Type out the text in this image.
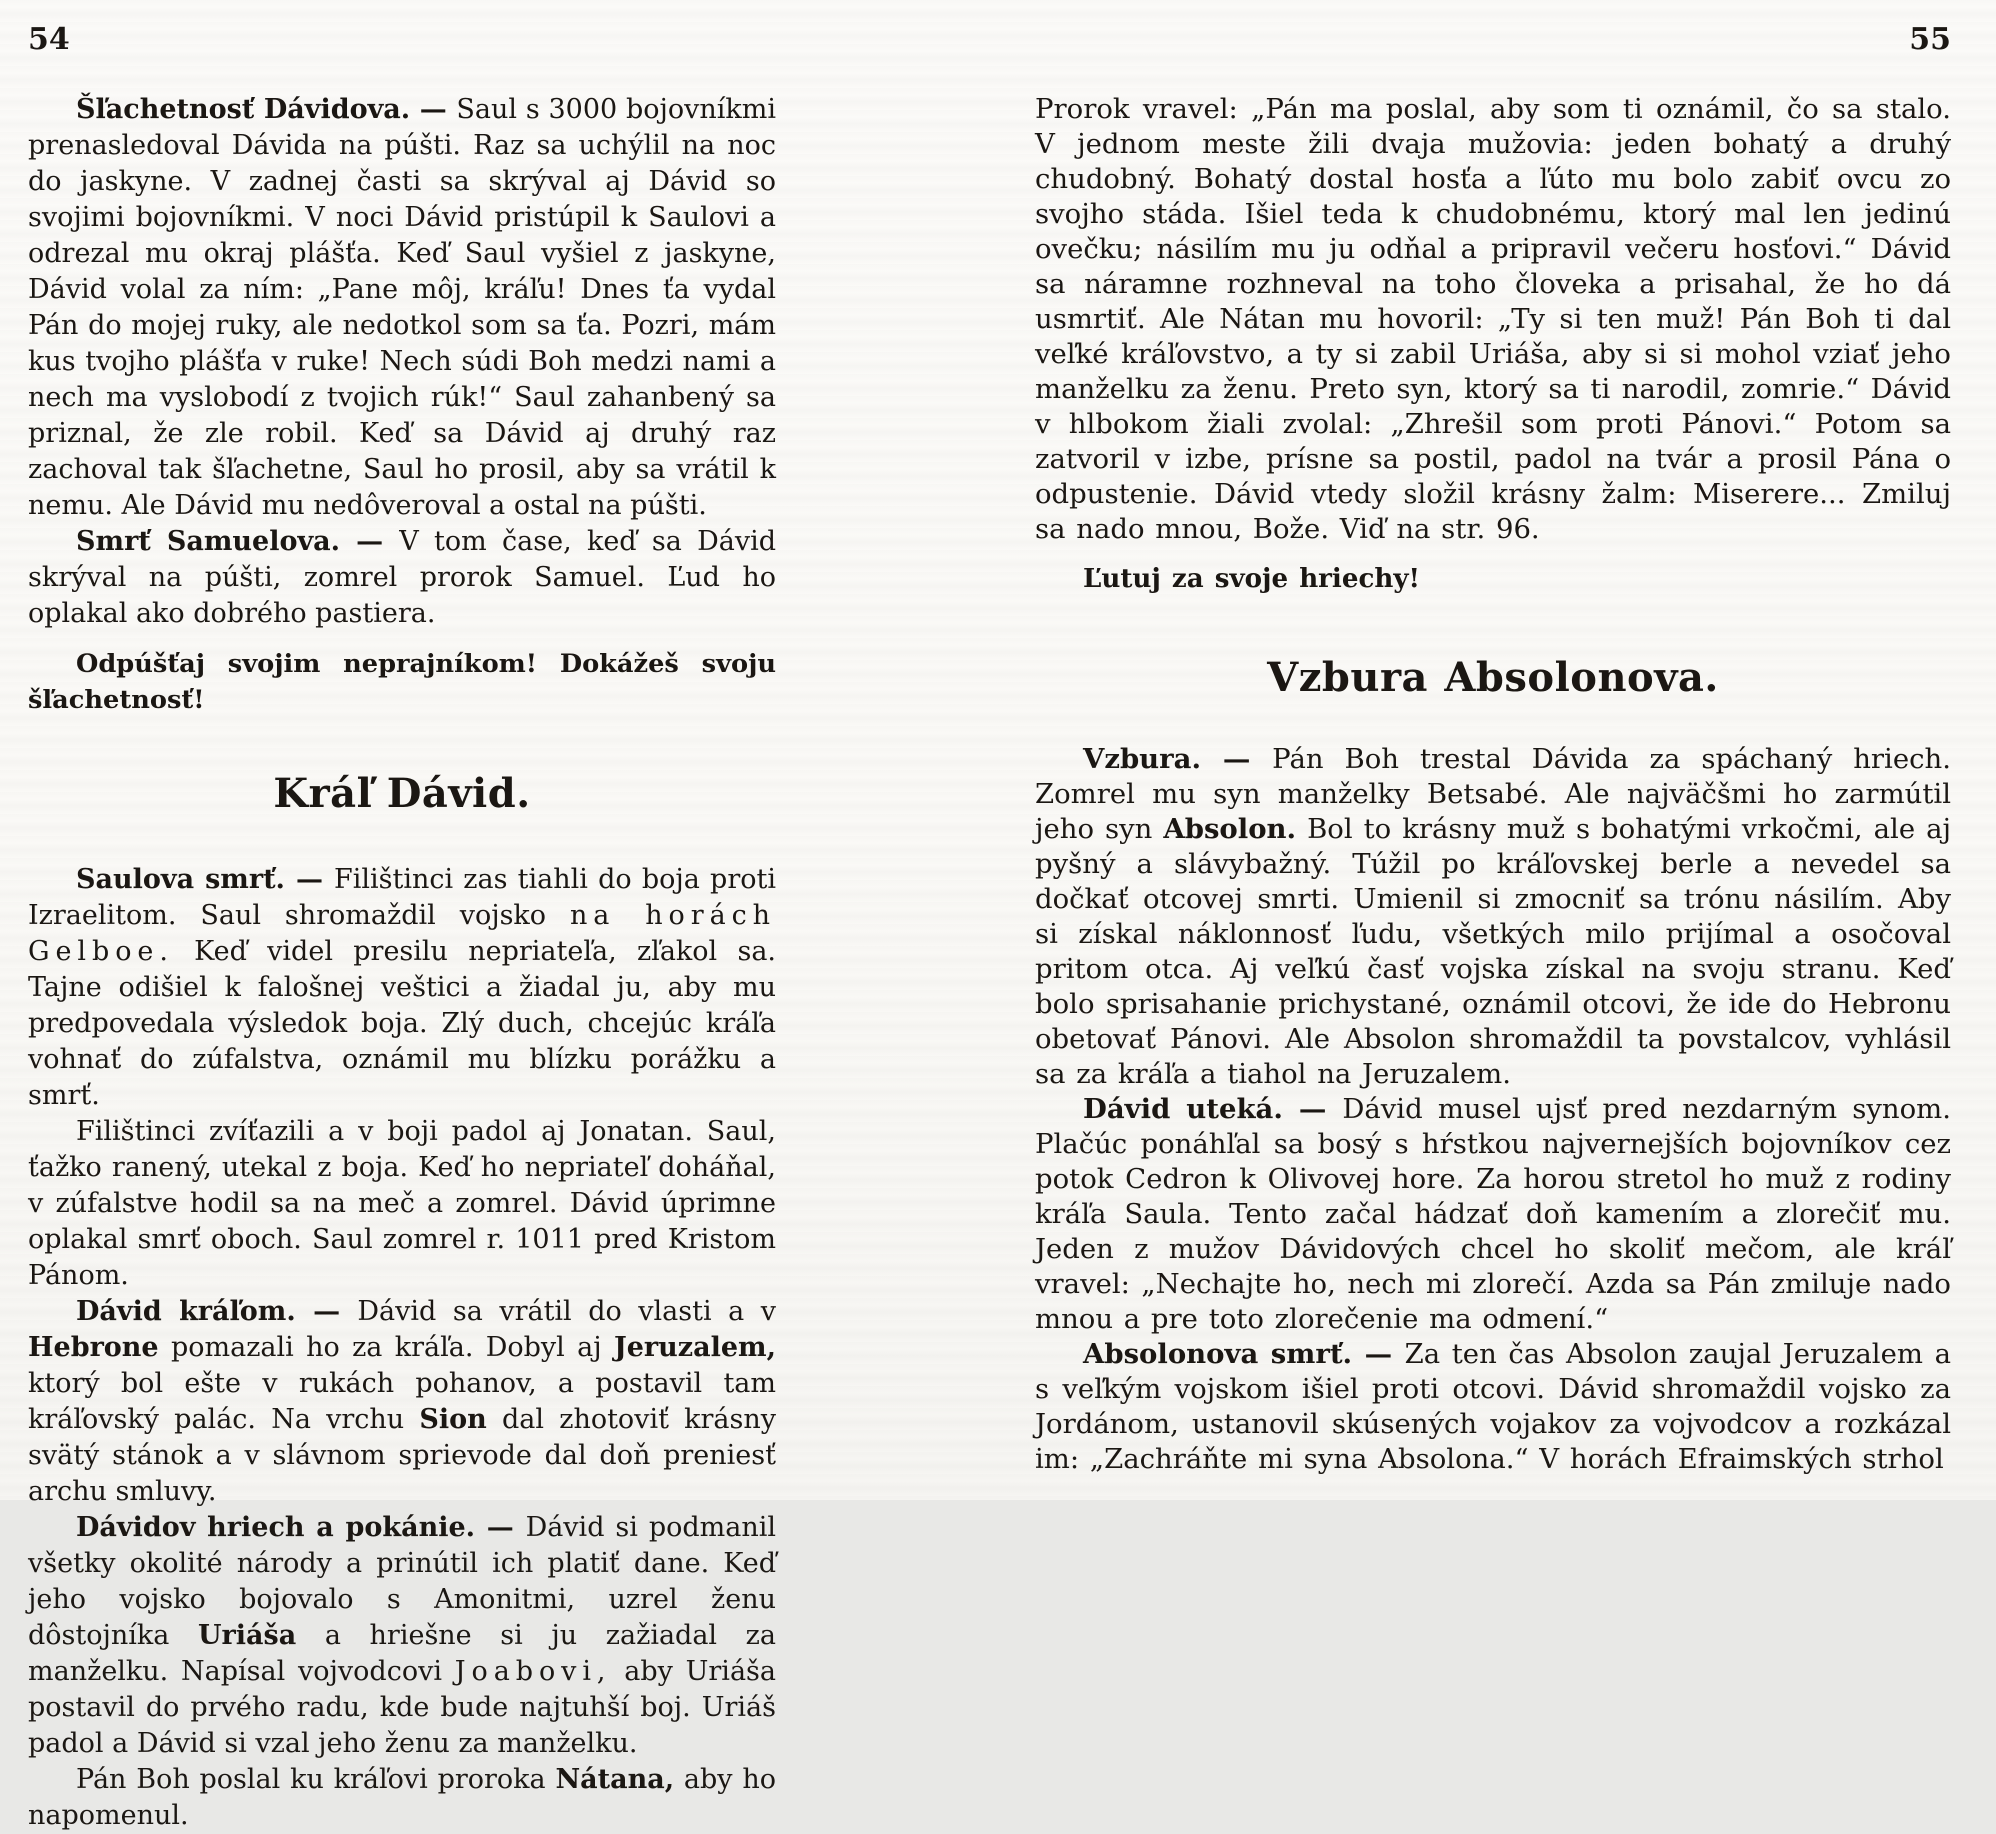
54

Šľachetnosť Dávidova. — Saul s 3000 bojovníkmi prenasledoval Dávida na púšti. Raz sa uchýlil na noc do jaskyne. V zadnej časti sa skrýval aj Dávid so svojimi bojovníkmi. V noci Dávid pristúpil k Saulovi a odrezal mu okraj plášťa. Keď Saul vyšiel z jaskyne, Dávid volal za ním: „Pane môj, kráľu! Dnes ťa vydal Pán do mojej ruky, ale nedotkol som sa ťa. Pozri, mám kus tvojho plášťa v ruke! Nech súdi Boh medzi nami a nech ma vyslobodí z tvojich rúk!“ Saul zahanbený sa priznal, že zle robil. Keď sa Dávid aj druhý raz zachoval tak šľachetne, Saul ho prosil, aby sa vrátil k nemu. Ale Dávid mu nedôveroval a ostal na púšti.

Smrť Samuelova. — V tom čase, keď sa Dávid skrýval na púšti, zomrel prorok Samuel. Ľud ho oplakal ako dobrého pastiera.

Odpúšťaj svojim neprajníkom! Dokážeš svoju šľachetnosť!

Kráľ Dávid.

Saulova smrť. — Filištinci zas tiahli do boja proti Izraelitom. Saul shromaždil vojsko na horách Gelboe. Keď videl presilu nepriateľa, zľakol sa. Tajne odišiel k falošnej veštici a žiadal ju, aby mu predpovedala výsledok boja. Zlý duch, chcejúc kráľa vohnať do zúfalstva, oznámil mu blízku porážku a smrť.

Filištinci zvíťazili a v boji padol aj Jonatan. Saul, ťažko ranený, utekal z boja. Keď ho nepriateľ doháňal, v zúfalstve hodil sa na meč a zomrel. Dávid úprimne oplakal smrť oboch. Saul zomrel r. 1011 pred Kristom Pánom.

Dávid kráľom. — Dávid sa vrátil do vlasti a v Hebrone pomazali ho za kráľa. Dobyl aj Jeruzalem, ktorý bol ešte v rukách pohanov, a postavil tam kráľovský palác. Na vrchu Sion dal zhotoviť krásny svätý stánok a v slávnom sprievode dal doň preniesť archu smluvy.

Dávidov hriech a pokánie. — Dávid si podmanil všetky okolité národy a prinútil ich platiť dane. Keď jeho vojsko bojovalo s Amonitmi, uzrel ženu dôstojníka Uriáša a hriešne si ju zažiadal za manželku. Napísal vojvodcovi Joabovi, aby Uriáša postavil do prvého radu, kde bude najtuhší boj. Uriáš padol a Dávid si vzal jeho ženu za manželku.

Pán Boh poslal ku kráľovi proroka Nátana, aby ho napomenul.

55

Prorok vravel: „Pán ma poslal, aby som ti oznámil, čo sa stalo. V jednom meste žili dvaja mužovia: jeden bohatý a druhý chudobný. Bohatý dostal hosťa a ľúto mu bolo zabiť ovcu zo svojho stáda. Išiel teda k chudobnému, ktorý mal len jedinú ovečku; násilím mu ju odňal a pripravil večeru hosťovi.“ Dávid sa náramne rozhneval na toho človeka a prisahal, že ho dá usmrtiť. Ale Nátan mu hovoril: „Ty si ten muž! Pán Boh ti dal veľké kráľovstvo, a ty si zabil Uriáša, aby si si mohol vziať jeho manželku za ženu. Preto syn, ktorý sa ti narodil, zomrie.“ Dávid v hlbokom žiali zvolal: „Zhrešil som proti Pánovi.“ Potom sa zatvoril v izbe, prísne sa postil, padol na tvár a prosil Pána o odpustenie. Dávid vtedy složil krásny žalm: Miserere... Zmiluj sa nado mnou, Bože. Viď na str. 96.

Ľutuj za svoje hriechy!

Vzbura Absolonova.

Vzbura. — Pán Boh trestal Dávida za spáchaný hriech. Zomrel mu syn manželky Betsabé. Ale najväčšmi ho zarmútil jeho syn Absolon. Bol to krásny muž s bohatými vrkočmi, ale aj pyšný a slávybažný. Túžil po kráľovskej berle a nevedel sa dočkať otcovej smrti. Umienil si zmocniť sa trónu násilím. Aby si získal náklonnosť ľudu, všetkých milo prijímal a osočoval pritom otca. Aj veľkú časť vojska získal na svoju stranu. Keď bolo sprisahanie prichystané, oznámil otcovi, že ide do Hebronu obetovať Pánovi. Ale Absolon shromaždil ta povstalcov, vyhlásil sa za kráľa a tiahol na Jeruzalem.

Dávid uteká. — Dávid musel ujsť pred nezdarným synom. Plačúc ponáhľal sa bosý s hŕstkou najvernejších bojovníkov cez potok Cedron k Olivovej hore. Za horou stretol ho muž z rodiny kráľa Saula. Tento začal hádzať doň kamením a zlorečiť mu. Jeden z mužov Dávidových chcel ho skoliť mečom, ale kráľ vravel: „Nechajte ho, nech mi zlorečí. Azda sa Pán zmiluje nado mnou a pre toto zlorečenie ma odmení.“

Absolonova smrť. — Za ten čas Absolon zaujal Jeruzalem a s veľkým vojskom išiel proti otcovi. Dávid shromaždil vojsko za Jordánom, ustanovil skúsených vojakov za vojvodcov a rozkázal im: „Zachráňte mi syna Absolona.“ V horách Efraimských strhol
